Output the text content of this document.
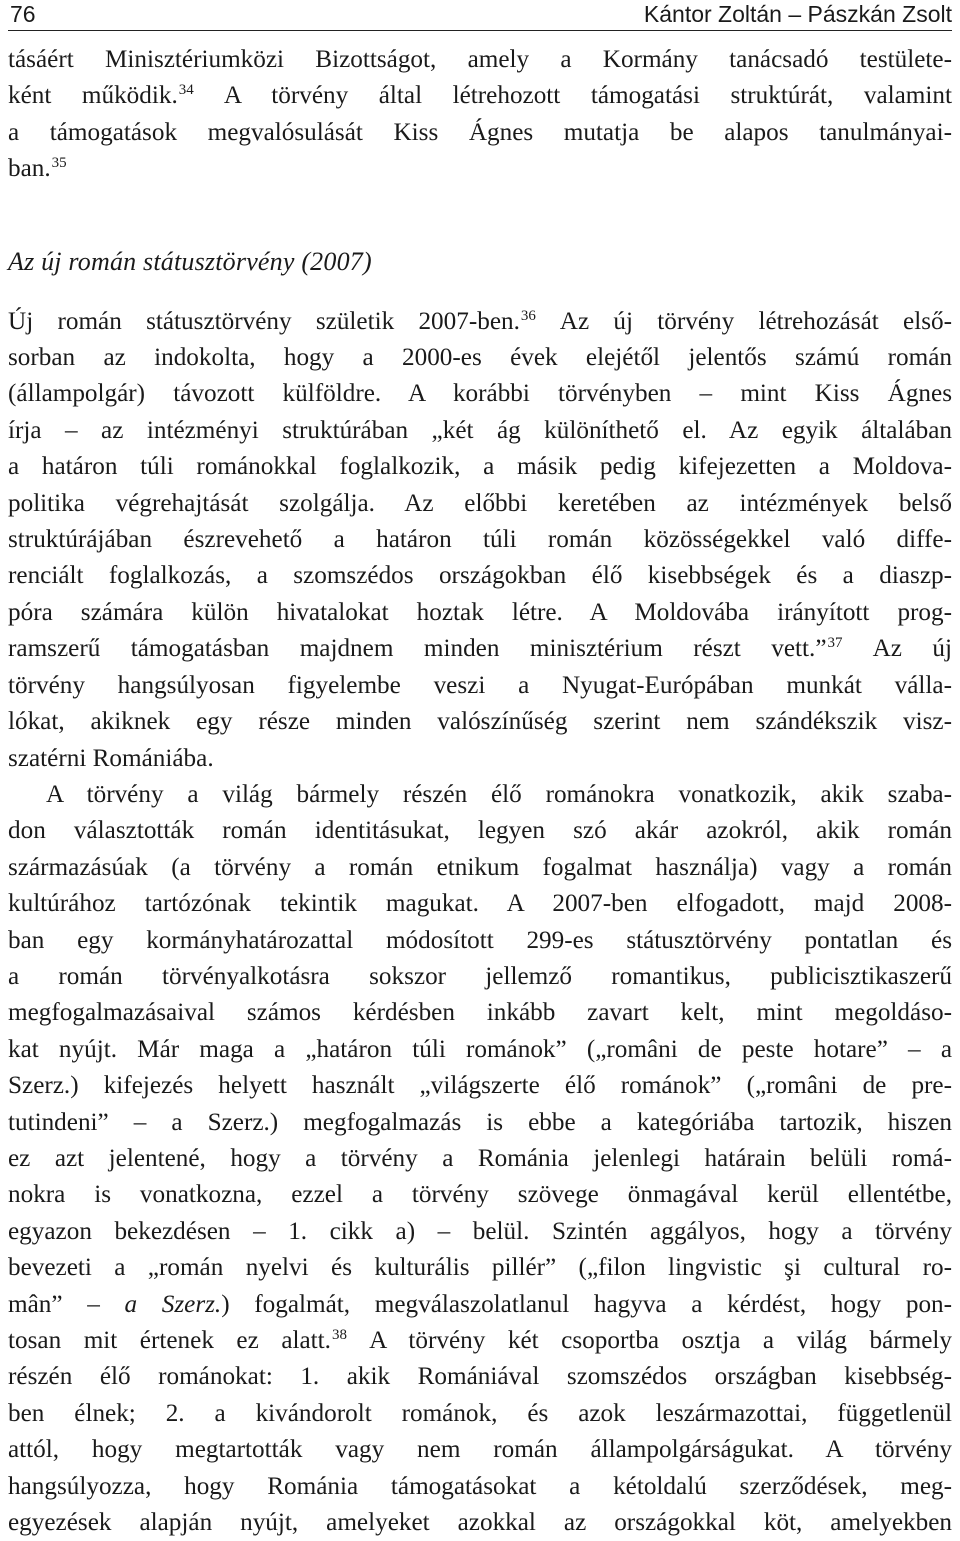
76	Kántor Zoltán – Pászkán Zsolt
tásáért Minisztériumközi Bizottságot, amely a Kormány tanácsadó testülete-
ként működik.$^{34}$ A törvény által létrehozott támogatási struktúrát, valamint
a támogatások megvalósulását Kiss Ágnes mutatja be alapos tanulmányai-
ban.$^{35}$
Az új román státusztörvény (2007)
Új román státusztörvény születik 2007-ben.$^{36}$ Az új törvény létrehozását első-
sorban az indokolta, hogy a 2000-es évek elejétől jelentős számú román
(állampolgár) távozott külföldre. A korábbi törvényben – mint Kiss Ágnes
írja – az intézményi struktúrában „két ág különíthető el. Az egyik általában
a határon túli románokkal foglalkozik, a másik pedig kifejezetten a Moldova-
politika végrehajtását szolgálja. Az előbbi keretében az intézmények belső
struktúrájában észrevehető a határon túli román közösségekkel való diffe-
renciált foglalkozás, a szomszédos országokban élő kisebbségek és a diaszp-
póra számára külön hivatalokat hoztak létre. A Moldovába irányított prog-
ramszerű támogatásban majdnem minden minisztérium részt vett.”$^{37}$ Az új
törvény hangsúlyosan figyelembe veszi a Nyugat-Európában munkát válla-
lókat, akiknek egy része minden valószínűség szerint nem szándékszik visz-
szatérni Romániába.
A törvény a világ bármely részén élő románokra vonatkozik, akik szaba-
don választották román identitásukat, legyen szó akár azokról, akik román
származásúak (a törvény a román etnikum fogalmat használja) vagy a román
kultúrához tartózónak tekintik magukat. A 2007-ben elfogadott, majd 2008-
ban egy kormányhatározattal módosított 299-es státusztörvény pontatlan és
a román törvényalkotásra sokszor jellemző romantikus, publicisztikaszerű
megfogalmazásaival számos kérdésben inkább zavart kelt, mint megoldáso-
kat nyújt. Már maga a „határon túli románok” („români de peste hotare” – a
Szerz.) kifejezés helyett használt „világszerte élő románok” („români de pre-
tutindeni” – a Szerz.) megfogalmazás is ebbe a kategóriába tartozik, hiszen
ez azt jelentené, hogy a törvény a Románia jelenlegi határain belüli romá-
nokra is vonatkozna, ezzel a törvény szövege önmagával kerül ellentétbe,
egyazon bekezdésen – 1. cikk a) – belül. Szintén aggályos, hogy a törvény
bevezeti a „román nyelvi és kulturális pillér” („filon lingvistic şi cultural ro-
mân” – a Szerz.) fogalmát, megválaszolatlanul hagyva a kérdést, hogy pon-
tosan mit értenek ez alatt.$^{38}$ A törvény két csoportba osztja a világ bármely
részén élő románokat: 1. akik Romániával szomszédos országban kisebbség-
ben élnek; 2. a kivándorolt románok, és azok leszármazottai, függetlenül
attól, hogy megtartották vagy nem román állampolgárságukat. A törvény
hangsúlyozza, hogy Románia támogatásokat a kétoldalú szerződések, meg-
egyezések alapján nyújt, amelyeket azokkal az országokkal köt, amelyekben
